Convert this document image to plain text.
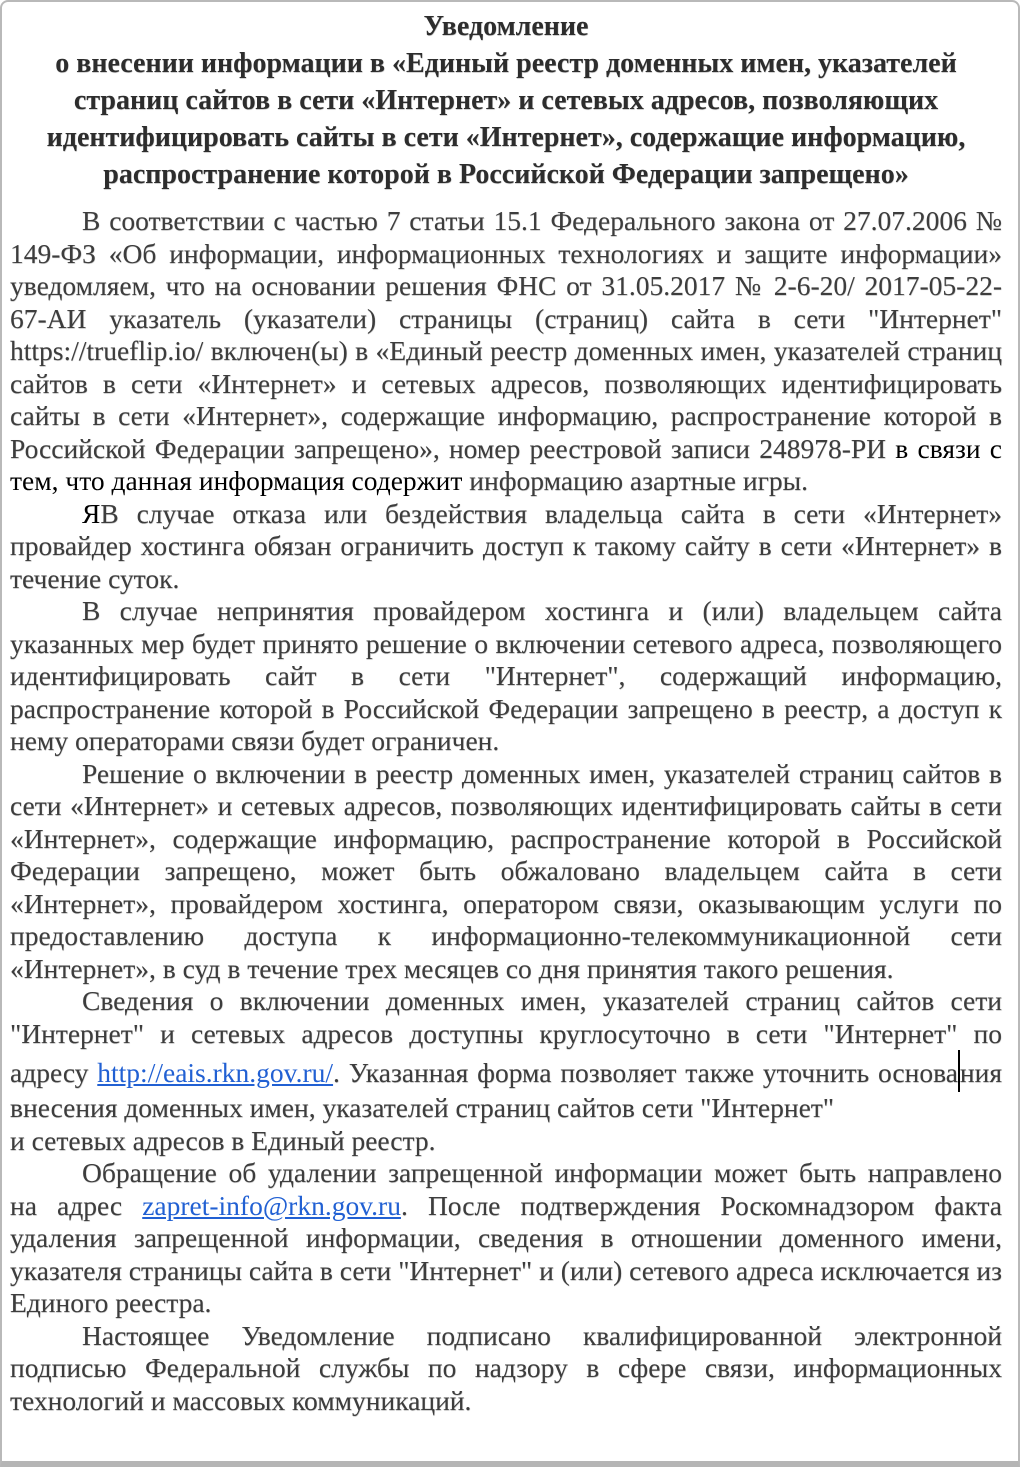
Уведомление
о внесении информации в «Единый реестр доменных имен, указателей
страниц сайтов в сети «Интернет» и сетевых адресов, позволяющих
идентифицировать сайты в сети «Интернет», содержащие информацию,
распространение которой в Российской Федерации запрещено»

В соответствии с частью 7 статьи 15.1 Федерального закона от 27.07.2006 № 149-ФЗ «Об информации, информационных технологиях и защите информации» уведомляем, что на основании решения ФНС от 31.05.2017 № 2-6-20/ 2017-05-22-67-АИ указатель (указатели) страницы (страниц) сайта в сети "Интернет" https://trueflip.io/ включен(ы) в «Единый реестр доменных имен, указателей страниц сайтов в сети «Интернет» и сетевых адресов, позволяющих идентифицировать сайты в сети «Интернет», содержащие информацию, распространение которой в Российской Федерации запрещено», номер реестровой записи 248978-РИ в связи с тем, что данная информация содержит информацию азартные игры.

ЯВ случае отказа или бездействия владельца сайта в сети «Интернет» провайдер хостинга обязан ограничить доступ к такому сайту в сети «Интернет» в течение суток.

В случае непринятия провайдером хостинга и (или) владельцем сайта указанных мер будет принято решение о включении сетевого адреса, позволяющего идентифицировать сайт в сети "Интернет", содержащий информацию, распространение которой в Российской Федерации запрещено в реестр, а доступ к нему операторами связи будет ограничен.

Решение о включении в реестр доменных имен, указателей страниц сайтов в сети «Интернет» и сетевых адресов, позволяющих идентифицировать сайты в сети «Интернет», содержащие информацию, распространение которой в Российской Федерации запрещено, может быть обжаловано владельцем сайта в сети «Интернет», провайдером хостинга, оператором связи, оказывающим услуги по предоставлению доступа к информационно-телекоммуникационной сети «Интернет», в суд в течение трех месяцев со дня принятия такого решения.

Сведения о включении доменных имен, указателей страниц сайтов сети "Интернет" и сетевых адресов доступны круглосуточно в сети "Интернет" по адресу http://eais.rkn.gov.ru/. Указанная форма позволяет также уточнить основания внесения доменных имен, указателей страниц сайтов сети "Интернет"

и сетевых адресов в Единый реестр.

Обращение об удалении запрещенной информации может быть направлено на адрес zapret-info@rkn.gov.ru. После подтверждения Роскомнадзором факта удаления запрещенной информации, сведения в отношении доменного имени, указателя страницы сайта в сети "Интернет" и (или) сетевого адреса исключается из Единого реестра.

Настоящее Уведомление подписано квалифицированной электронной подписью Федеральной службы по надзору в сфере связи, информационных технологий и массовых коммуникаций.
